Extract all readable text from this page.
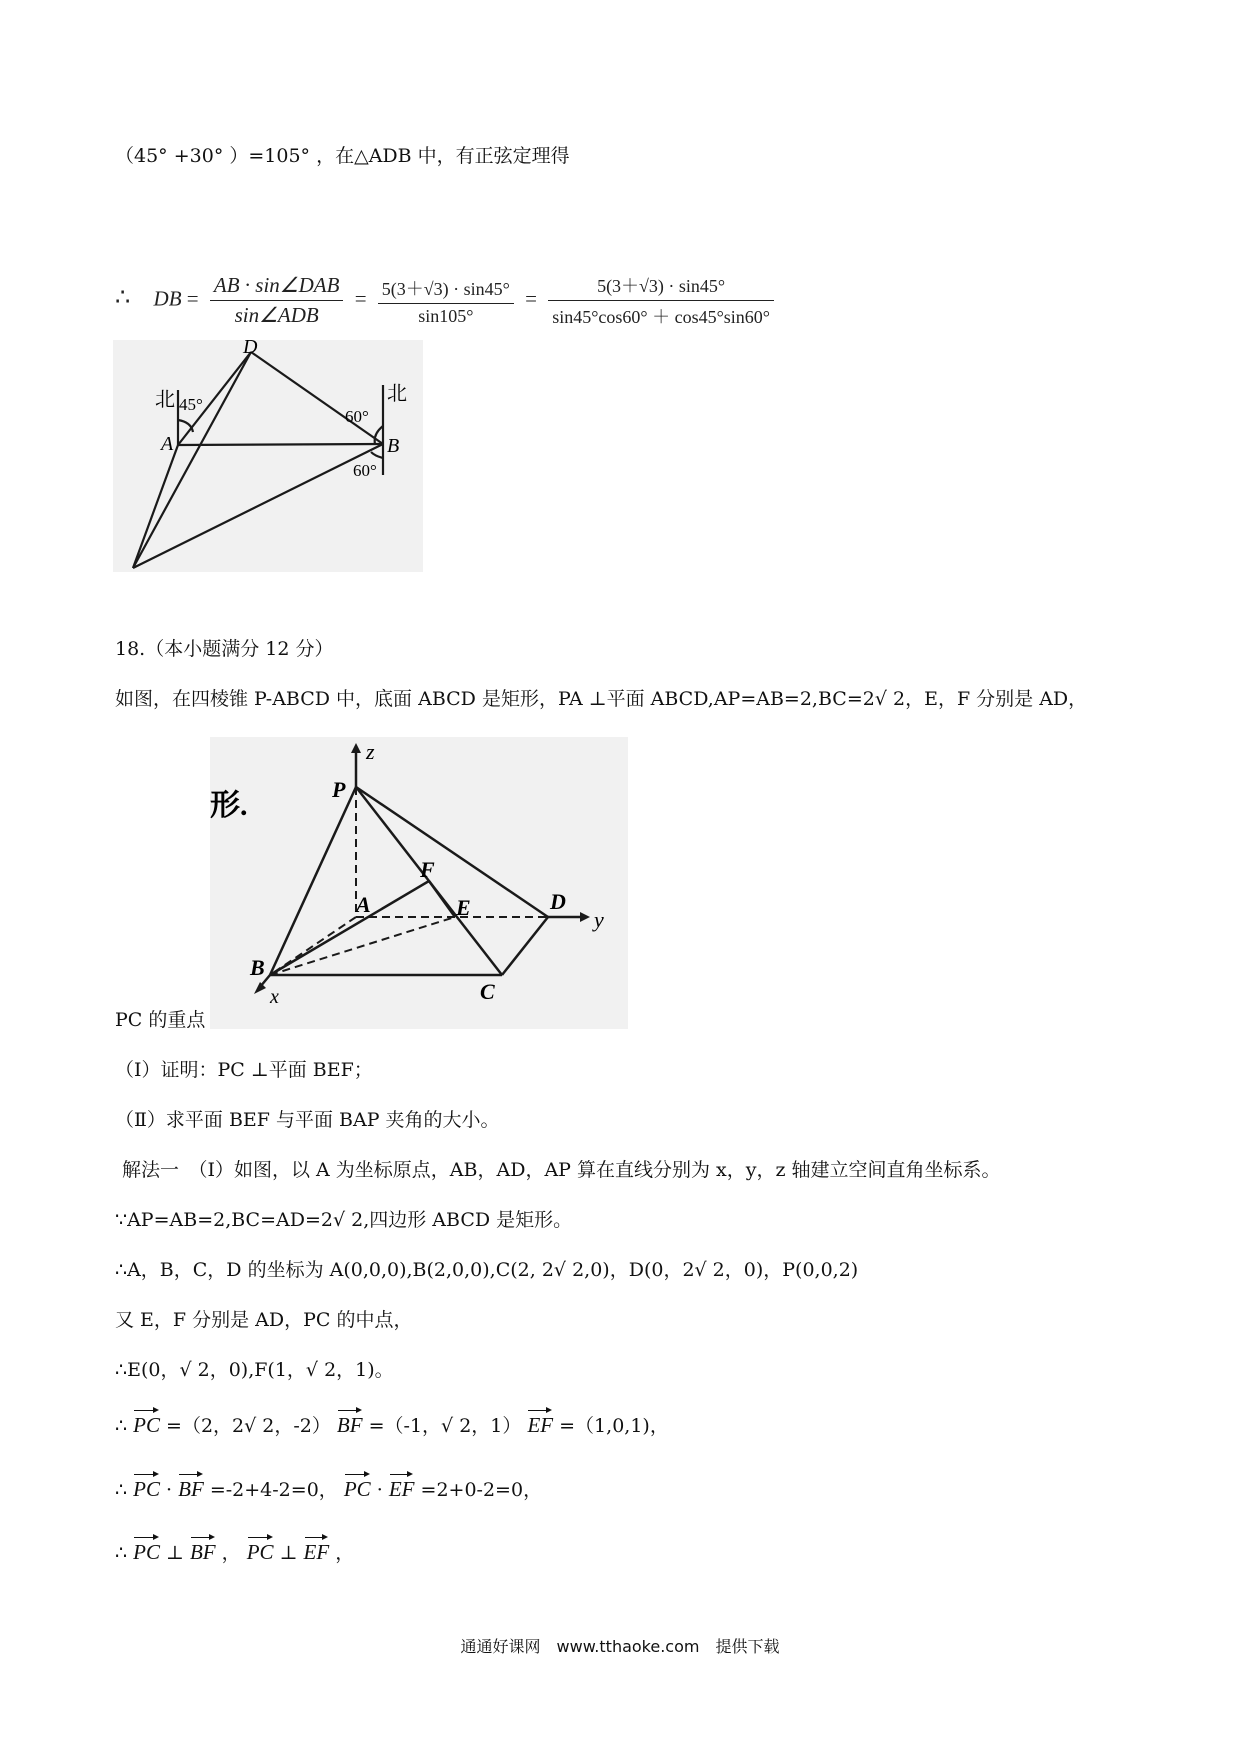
（45° +30° ）=105° ，在△ADB 中，有正弦定理得
∴ DB = $\frac{\text{AB · sin∠DAB}}{\text{sin∠ADB}} = \frac{5(3+√3) \cdot \sin 45^\circ}{\sin 105^\circ} = \frac{5(3+√3) \cdot \sin 45^\circ}{\sin 45^\circ\cos 60^\circ + \cos 45^\circ\sin 60^\circ}$
北	北
45°
60°
60°
A	B
D
18.（本小题满分 12 分）
如图，在四棱锥 P-ABCD 中，底面 ABCD 是矩形，PA ⊥平面 ABCD,AP=AB=2,BC=2√ 2，E，F 分别是 AD，
形.	P
z
A
F
E	D
y
B
C
x
PC 的重点
（Ⅰ）证明：PC ⊥平面 BEF；
（Ⅱ）求平面 BEF 与平面 BAP 夹角的大小。
解法一　（Ⅰ）如图，以 A 为坐标原点，AB，AD，AP 算在直线分别为 x，y，z 轴建立空间直角坐标系。
∵AP=AB=2,BC=AD=2√ 2,四边形 ABCD 是矩形。
∴A，B，C，D 的坐标为 A(0,0,0),B(2,0,0),C(2, 2√ 2,0)，D(0，2√ 2，0)，P(0,0,2)
又 E，F 分别是 AD，PC 的中点，
∴E(0，√ 2，0),F(1，√ 2，1)。
∴ PC =（2，2√ 2，-2） BF =（-1，√ 2，1） EF =（1,0,1)，
∴ PC · BF =-2+4-2=0， PC · EF =2+0-2=0，
∴ PC ⊥ BF ， PC ⊥ EF ，
通通好课网　www.tthaoke.com　提供下载
